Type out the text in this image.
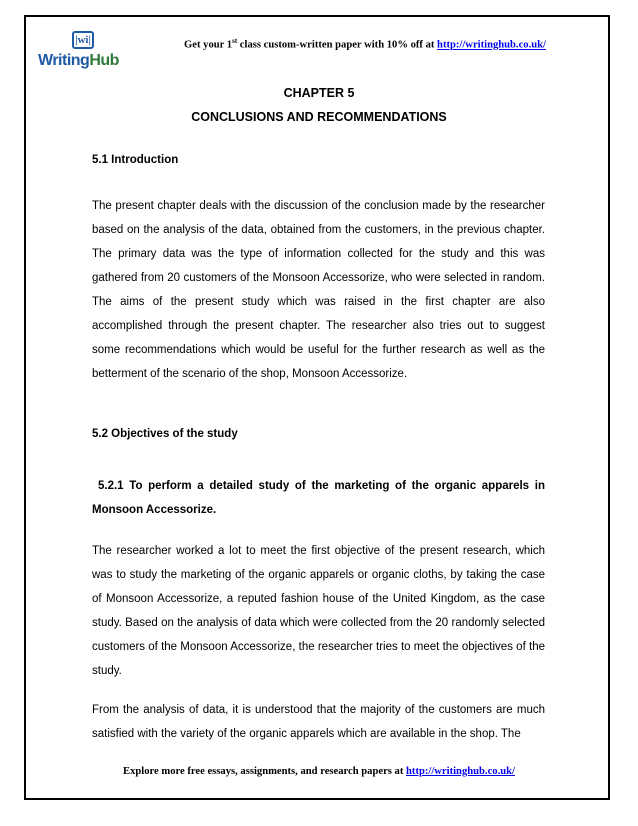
|wi|
WritingHub
Get your 1st class custom-written paper with 10% off at http://writinghub.co.uk/
CHAPTER 5
CONCLUSIONS AND RECOMMENDATIONS
5.1 Introduction
The present chapter deals with the discussion of the conclusion made by the researcher based on the analysis of the data, obtained from the customers, in the previous chapter. The primary data was the type of information collected for the study and this was gathered from 20 customers of the Monsoon Accessorize, who were selected in random. The aims of the present study which was raised in the first chapter are also accomplished through the present chapter. The researcher also tries out to suggest some recommendations which would be useful for the further research as well as the betterment of the scenario of the shop, Monsoon Accessorize.
5.2 Objectives of the study
5.2.1 To perform a detailed study of the marketing of the organic apparels in Monsoon Accessorize.
The researcher worked a lot to meet the first objective of the present research, which was to study the marketing of the organic apparels or organic cloths, by taking the case of Monsoon Accessorize, a reputed fashion house of the United Kingdom, as the case study. Based on the analysis of data which were collected from the 20 randomly selected customers of the Monsoon Accessorize, the researcher tries to meet the objectives of the study.
From the analysis of data, it is understood that the majority of the customers are much satisfied with the variety of the organic apparels which are available in the shop. The
Explore more free essays, assignments, and research papers at http://writinghub.co.uk/
